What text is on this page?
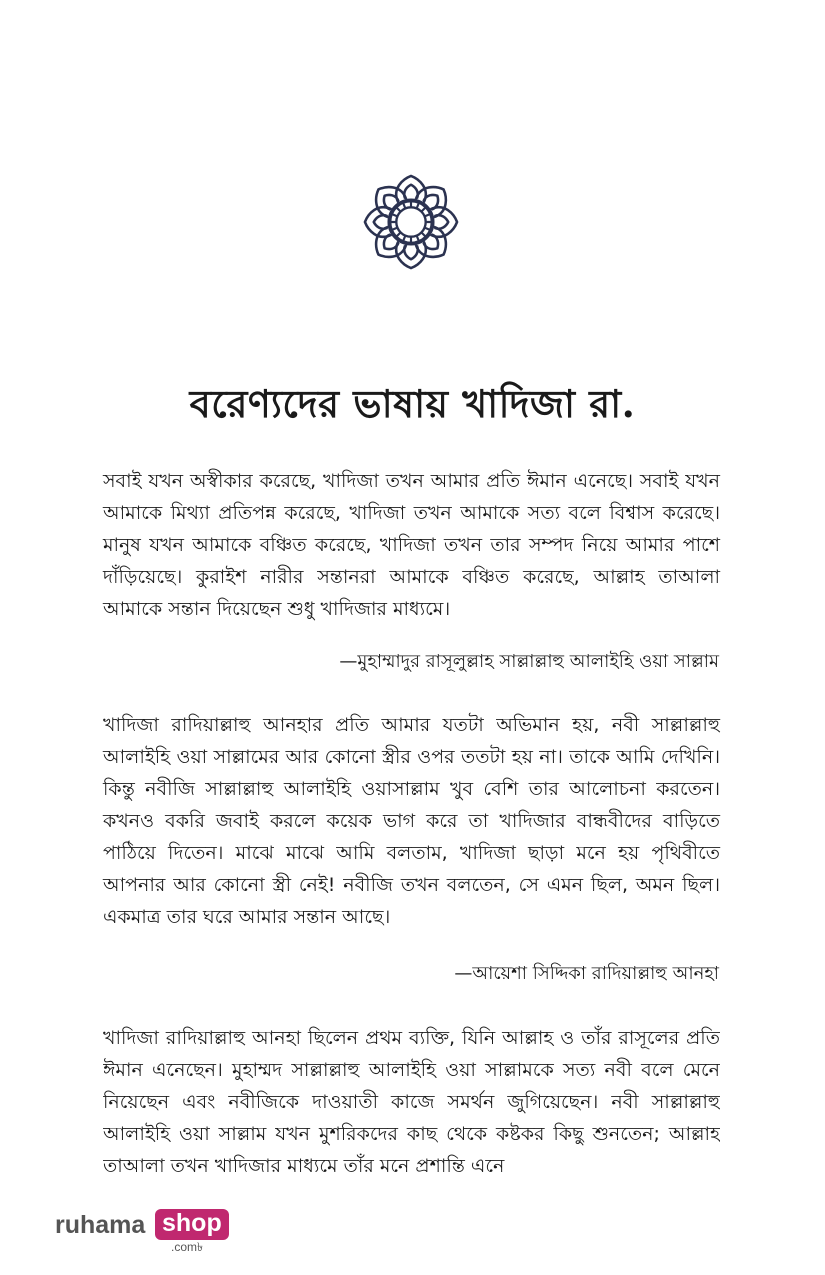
বরেণ্যদের ভাষায় খাদিজা রা.

সবাই যখন অস্বীকার করেছে, খাদিজা তখন আমার প্রতি ঈমান এনেছে। সবাই যখন আমাকে মিথ্যা প্রতিপন্ন করেছে, খাদিজা তখন আমাকে সত্য বলে বিশ্বাস করেছে। মানুষ যখন আমাকে বঞ্চিত করেছে, খাদিজা তখন তার সম্পদ নিয়ে আমার পাশে দাঁড়িয়েছে। কুরাইশ নারীর সন্তানরা আমাকে বঞ্চিত করেছে, আল্লাহ তাআলা আমাকে সন্তান দিয়েছেন শুধু খাদিজার মাধ্যমে।

—মুহাম্মাদুর রাসূলুল্লাহ সাল্লাল্লাহু আলাইহি ওয়া সাল্লাম

খাদিজা রাদিয়াল্লাহু আনহার প্রতি আমার যতটা অভিমান হয়, নবী সাল্লাল্লাহু আলাইহি ওয়া সাল্লামের আর কোনো স্ত্রীর ওপর ততটা হয় না। তাকে আমি দেখিনি। কিন্তু নবীজি সাল্লাল্লাহু আলাইহি ওয়াসাল্লাম খুব বেশি তার আলোচনা করতেন। কখনও বকরি জবাই করলে কয়েক ভাগ করে তা খাদিজার বান্ধবীদের বাড়িতে পাঠিয়ে দিতেন। মাঝে মাঝে আমি বলতাম, খাদিজা ছাড়া মনে হয় পৃথিবীতে আপনার আর কোনো স্ত্রী নেই! নবীজি তখন বলতেন, সে এমন ছিল, অমন ছিল। একমাত্র তার ঘরে আমার সন্তান আছে।

—আয়েশা সিদ্দিকা রাদিয়াল্লাহু আনহা

খাদিজা রাদিয়াল্লাহু আনহা ছিলেন প্রথম ব্যক্তি, যিনি আল্লাহ ও তাঁর রাসূলের প্রতি ঈমান এনেছেন। মুহাম্মদ সাল্লাল্লাহু আলাইহি ওয়া সাল্লামকে সত্য নবী বলে মেনে নিয়েছেন এবং নবীজিকে দাওয়াতী কাজে সমর্থন জুগিয়েছেন। নবী সাল্লাল্লাহু আলাইহি ওয়া সাল্লাম যখন মুশরিকদের কাছ থেকে কষ্টকর কিছু শুনতেন; আল্লাহ তাআলা তখন খাদিজার মাধ্যমে তাঁর মনে প্রশান্তি এনে

ruhama shop
.com৳
